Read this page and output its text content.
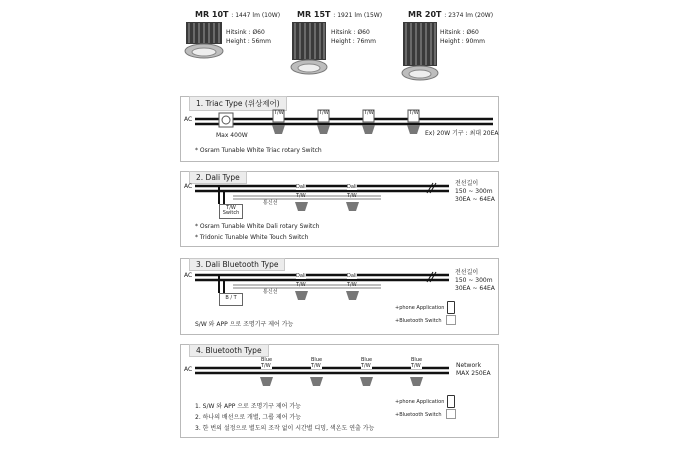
MR 10T : 1447 lm (10W)
Hitsink : Ø60
Height : 56mm
MR 15T : 1921 lm (15W)
Hitsink : Ø60
Height : 76mm
MR 20T : 2374 lm (20W)
Hitsink : Ø60
Height : 90mm
1. Triac Type (위상제어)
AC
Max 400W
T/W	T/W	T/W	T/W
Ex) 20W 기구 : 최대 20EA
* Osram Tunable White Triac rotary Switch
2. Dali Type
AC
T/W
Switch
통신선
Dali
T/W
Dali
T/W
전선길이
150 ~ 300m
30EA ~ 64EA
* Osram Tunable White Dali rotary Switch
* Tridonic Tunable White Touch Switch
3. Dali Bluetooth Type
AC
B / T
통신선
Dali
T/W
Dali
T/W
전선길이
150 ~ 300m
30EA ~ 64EA
+phone Application
+Bluetooth Switch
S/W 와 APP 으로 조명기구 제어 가능
4. Bluetooth Type
AC
Blue
T/W
Blue
T/W
Blue
T/W
Blue
T/W	Network
MAX 250EA
+phone Application
+Bluetooth Switch
1. S/W 와 APP 으로 조명기구 제어 가능
2. 하나의 배선으로 개별, 그룹 제어 가능
3. 한 번의 설정으로 별도의 조작 없이 시간별 디밍, 색온도 연출 가능
